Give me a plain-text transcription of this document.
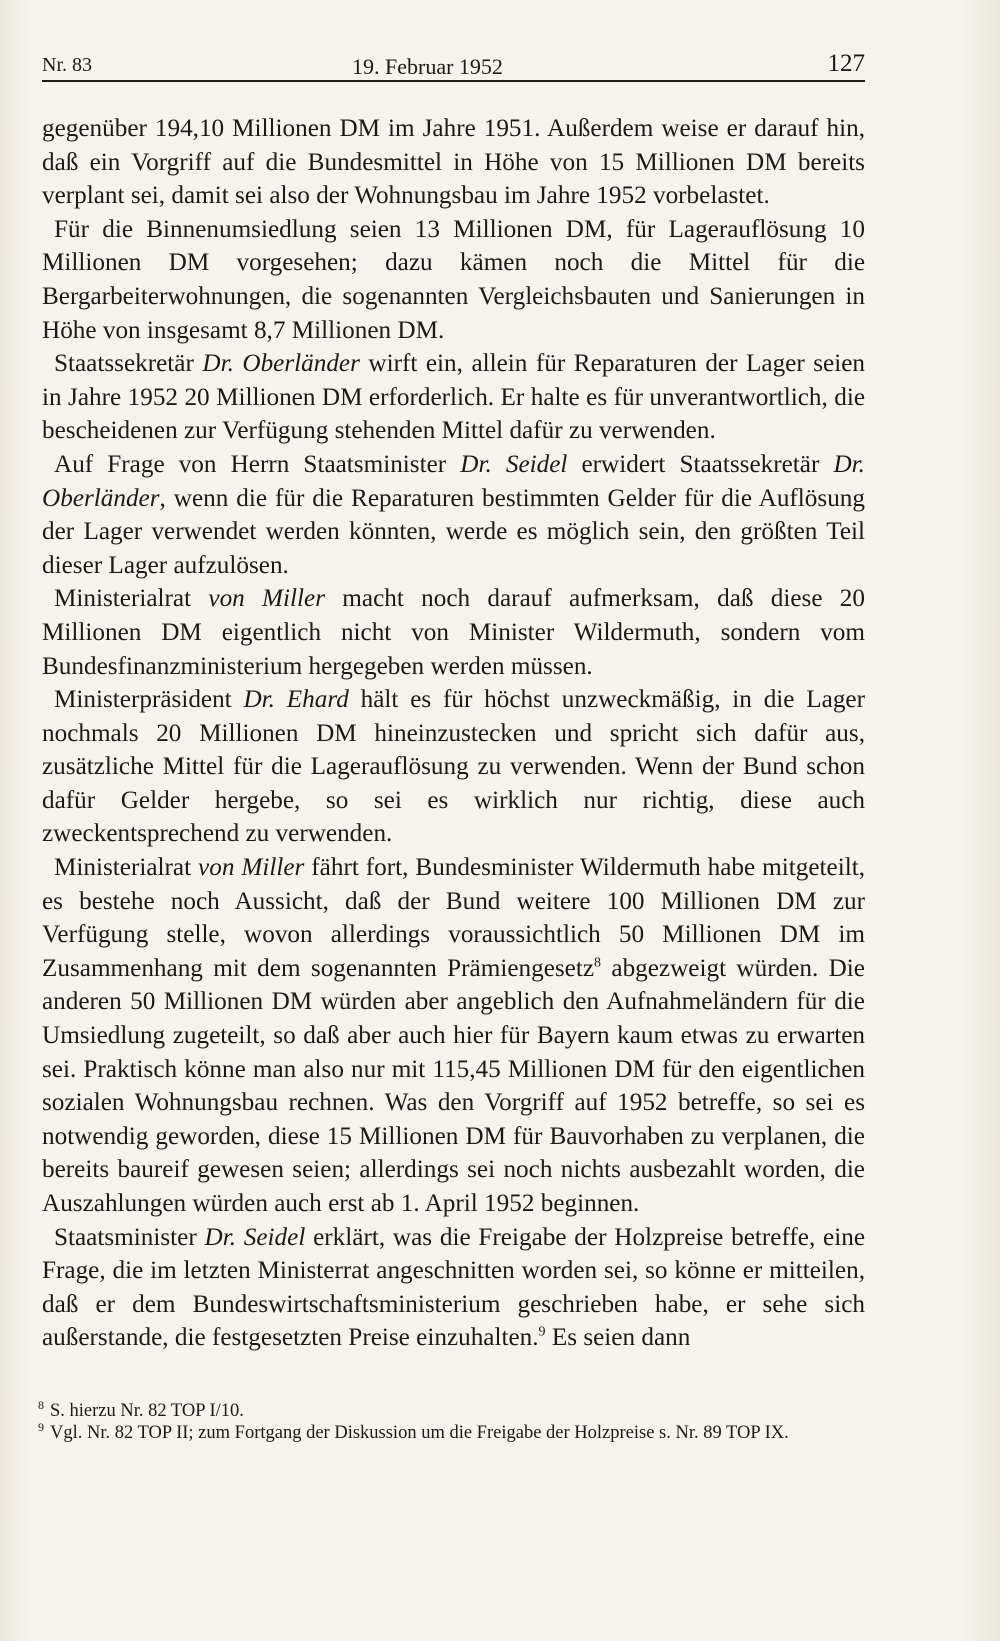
Nr. 83	19. Februar 1952	127

gegenüber 194,10 Millionen DM im Jahre 1951. Außerdem weise er darauf hin, daß ein Vorgriff auf die Bundesmittel in Höhe von 15 Millionen DM bereits verplant sei, damit sei also der Wohnungsbau im Jahre 1952 vorbelastet.

Für die Binnenumsiedlung seien 13 Millionen DM, für Lagerauflösung 10 Millionen DM vorgesehen; dazu kämen noch die Mittel für die Bergarbeiterwohnungen, die sogenannten Vergleichsbauten und Sanierungen in Höhe von insgesamt 8,7 Millionen DM.

Staatssekretär Dr. Oberländer wirft ein, allein für Reparaturen der Lager seien in Jahre 1952 20 Millionen DM erforderlich. Er halte es für unverantwortlich, die bescheidenen zur Verfügung stehenden Mittel dafür zu verwenden.

Auf Frage von Herrn Staatsminister Dr. Seidel erwidert Staatssekretär Dr. Oberländer, wenn die für die Reparaturen bestimmten Gelder für die Auflösung der Lager verwendet werden könnten, werde es möglich sein, den größten Teil dieser Lager aufzulösen.

Ministerialrat von Miller macht noch darauf aufmerksam, daß diese 20 Millionen DM eigentlich nicht von Minister Wildermuth, sondern vom Bundesfinanzministerium hergegeben werden müssen.

Ministerpräsident Dr. Ehard hält es für höchst unzweckmäßig, in die Lager nochmals 20 Millionen DM hineinzustecken und spricht sich dafür aus, zusätzliche Mittel für die Lagerauflösung zu verwenden. Wenn der Bund schon dafür Gelder hergebe, so sei es wirklich nur richtig, diese auch zweckentsprechend zu verwenden.

Ministerialrat von Miller fährt fort, Bundesminister Wildermuth habe mitgeteilt, es bestehe noch Aussicht, daß der Bund weitere 100 Millionen DM zur Verfügung stelle, wovon allerdings voraussichtlich 50 Millionen DM im Zusammenhang mit dem sogenannten Prämiengesetz$^8$ abgezweigt würden. Die anderen 50 Millionen DM würden aber angeblich den Aufnahmeländern für die Umsiedlung zugeteilt, so daß aber auch hier für Bayern kaum etwas zu erwarten sei. Praktisch könne man also nur mit 115,45 Millionen DM für den eigentlichen sozialen Wohnungsbau rechnen. Was den Vorgriff auf 1952 betreffe, so sei es notwendig geworden, diese 15 Millionen DM für Bauvorhaben zu verplanen, die bereits baureif gewesen seien; allerdings sei noch nichts ausbezahlt worden, die Auszahlungen würden auch erst ab 1. April 1952 beginnen.

Staatsminister Dr. Seidel erklärt, was die Freigabe der Holzpreise betreffe, eine Frage, die im letzten Ministerrat angeschnitten worden sei, so könne er mitteilen, daß er dem Bundeswirtschaftsministerium geschrieben habe, er sehe sich außerstande, die festgesetzten Preise einzuhalten.$^9$ Es seien dann

8 S. hierzu Nr. 82 TOP I/10.

9 Vgl. Nr. 82 TOP II; zum Fortgang der Diskussion um die Freigabe der Holzpreise s. Nr. 89 TOP IX.
